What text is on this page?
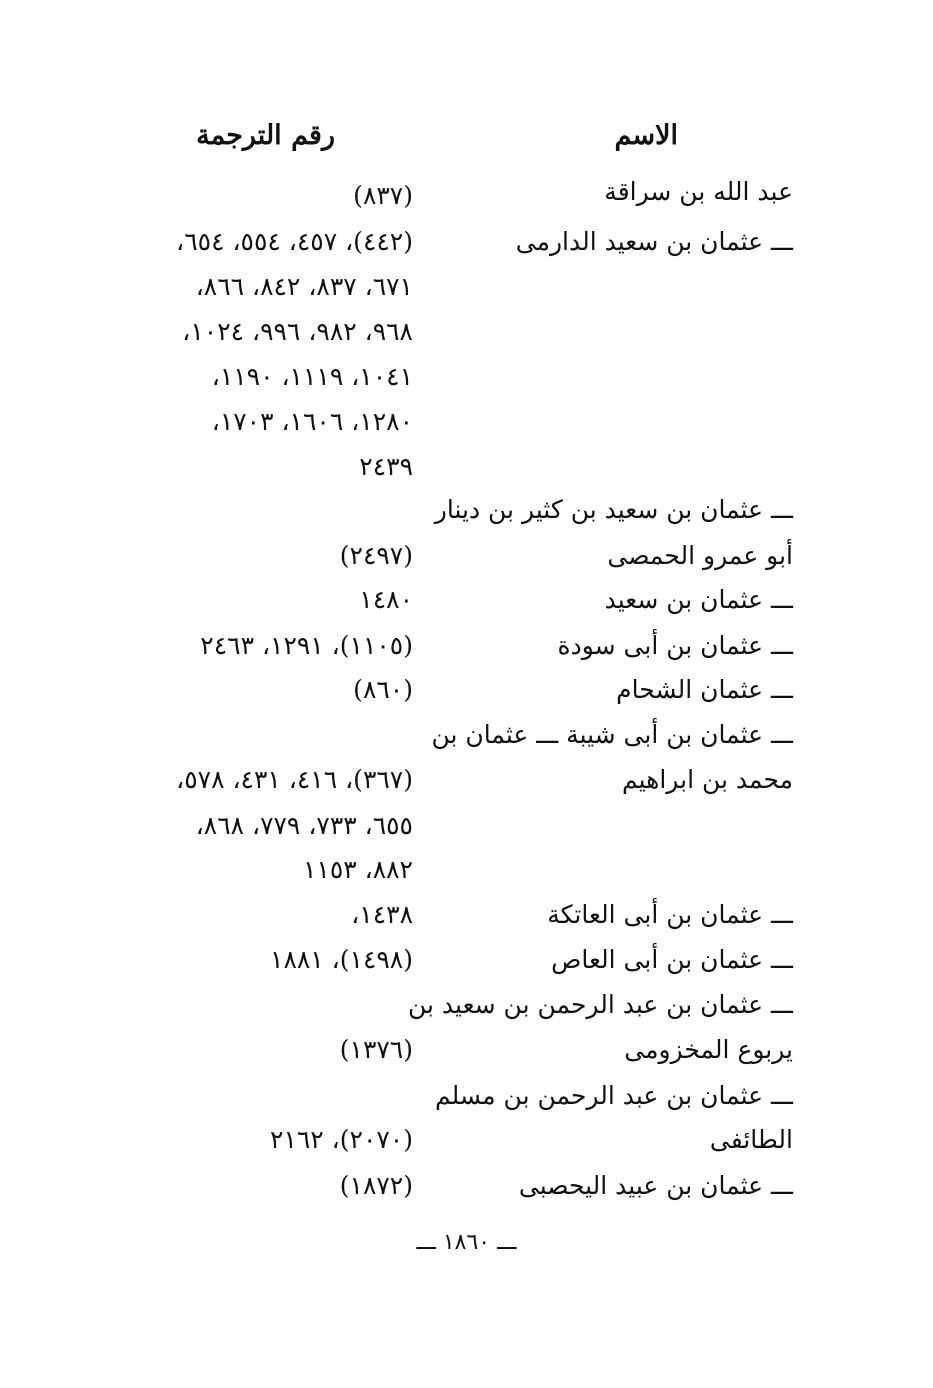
الاسم
رقم الترجمة
عبد الله بن سراقة
ـــ عثمان بن سعيد الدارمى
ـــ عثمان بن سعيد بن كثير بن دينار
أبو عمرو الحمصى
ـــ عثمان بن سعيد
ـــ عثمان بن أبى سودة
ـــ عثمان الشحام
ـــ عثمان بن أبى شيبة ـــ عثمان بن
محمد بن ابراهيم
ـــ عثمان بن أبى العاتكة
ـــ عثمان بن أبى العاص
ـــ عثمان بن عبد الرحمن بن سعيد بن
يربوع المخزومى
ـــ عثمان بن عبد الرحمن بن مسلم
الطائفى
ـــ عثمان بن عبيد اليحصبى
(٨٣٧)
(٤٤٢)، ٤٥٧، ٥٥٤، ٦٥٤،
٦٧١، ٨٣٧، ٨٤٢، ٨٦٦،
٩٦٨، ٩٨٢، ٩٩٦، ١٠٢٤،
١٠٤١، ١١١٩، ١١٩٠،
١٢٨٠، ١٦٠٦، ١٧٠٣،
٢٤٣٩
(٢٤٩٧)
١٤٨٠
(١١٠٥)، ١٢٩١، ٢٤٦٣
(٨٦٠)
(٣٦٧)، ٤١٦، ٤٣١، ٥٧٨،
٦٥٥، ٧٣٣، ٧٧٩، ٨٦٨،
٨٨٢، ١١٥٣
١٤٣٨،
(١٤٩٨)، ١٨٨١
(١٣٧٦)
(٢٠٧٠)، ٢١٦٢
(١٨٧٢)
ـــ ١٨٦٠ ـــ
